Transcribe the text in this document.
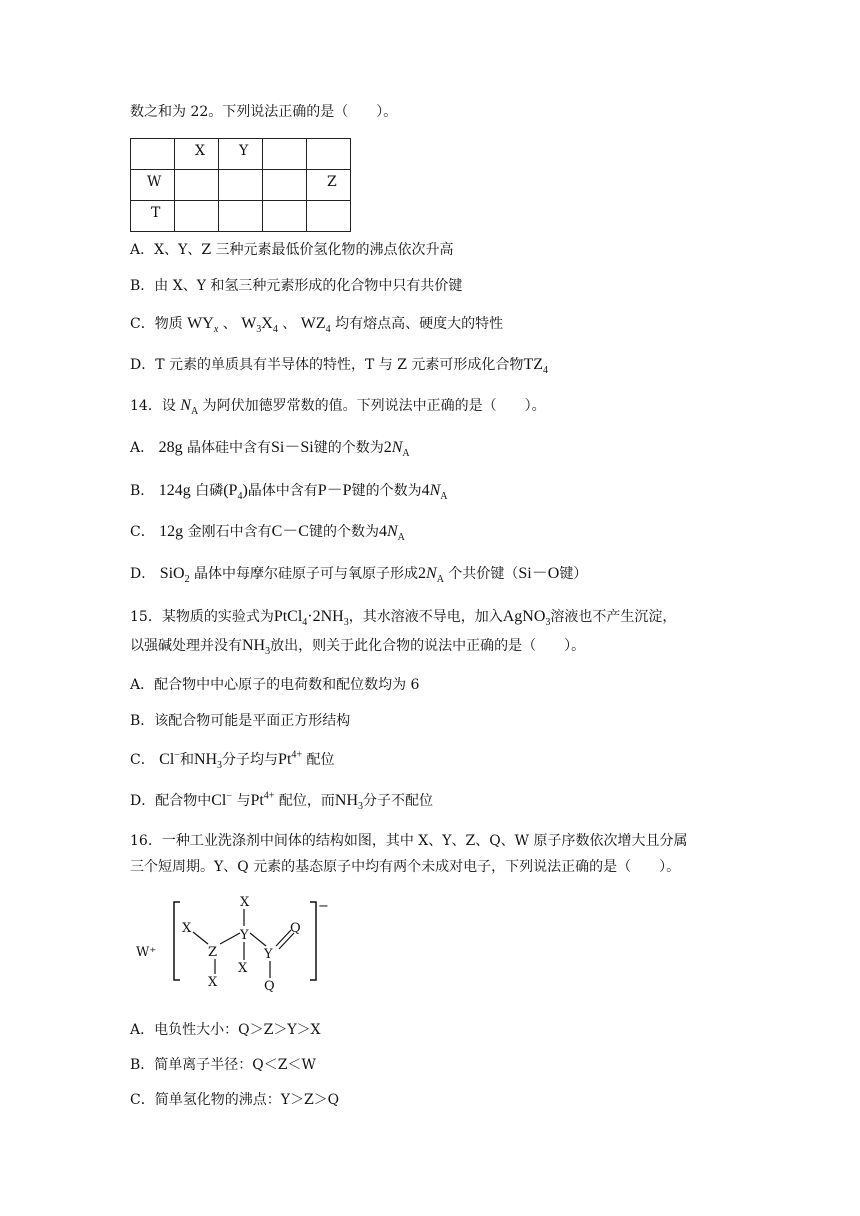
数之和为 22。下列说法正确的是（　　）。
	X	Y		
W				Z
T				
A．X、Y、Z 三种元素最低价氢化物的沸点依次升高
B．由 X、Y 和氢三种元素形成的化合物中只有共价键
C．物质 $WY_x$ 、 $W_3X_4$ 、 $WZ_4$ 均有熔点高、硬度大的特性
D．T 元素的单质具有半导体的特性，T 与 Z 元素可形成化合物$TZ_4$
14．设 $N_A$ 为阿伏加德罗常数的值。下列说法中正确的是（　　）。
A． 28g 晶体硅中含有Si－Si键的个数为$2N_A$
B． 124g 白磷$(P_4)$晶体中含有P－P键的个数为$4N_A$
C． 12g 金刚石中含有C－C键的个数为$4N_A$
D． SiO$_2$ 晶体中每摩尔硅原子可与氧原子形成$2N_A$ 个共价键（Si－O键）
15．某物质的实验式为$PtCl_4\cdot 2NH_3$，其水溶液不导电，加入AgNO$_3$溶液也不产生沉淀，
以强碱处理并没有$NH_3$放出，则关于此化合物的说法中正确的是（　　）。
A．配合物中中心原子的电荷数和配位数均为 6
B．该配合物可能是平面正方形结构
C． Cl−和$NH_3$分子均与$Pt^{4+}$ 配位
D．配合物中Cl− 与$Pt^{4+}$ 配位，而$NH_3$分子不配位
16．一种工业洗涤剂中间体的结构如图，其中 X、Y、Z、Q、W 原子序数依次增大且分属
三个短周期。Y、Q 元素的基态原子中均有两个未成对电子，下列说法正确的是（　　）。
W⁺
−
X
Z
X
X
Y
X
Y
Q
Q
A．电负性大小：Q＞Z＞Y＞X
B．简单离子半径：Q＜Z＜W
C．简单氢化物的沸点：Y＞Z＞Q
